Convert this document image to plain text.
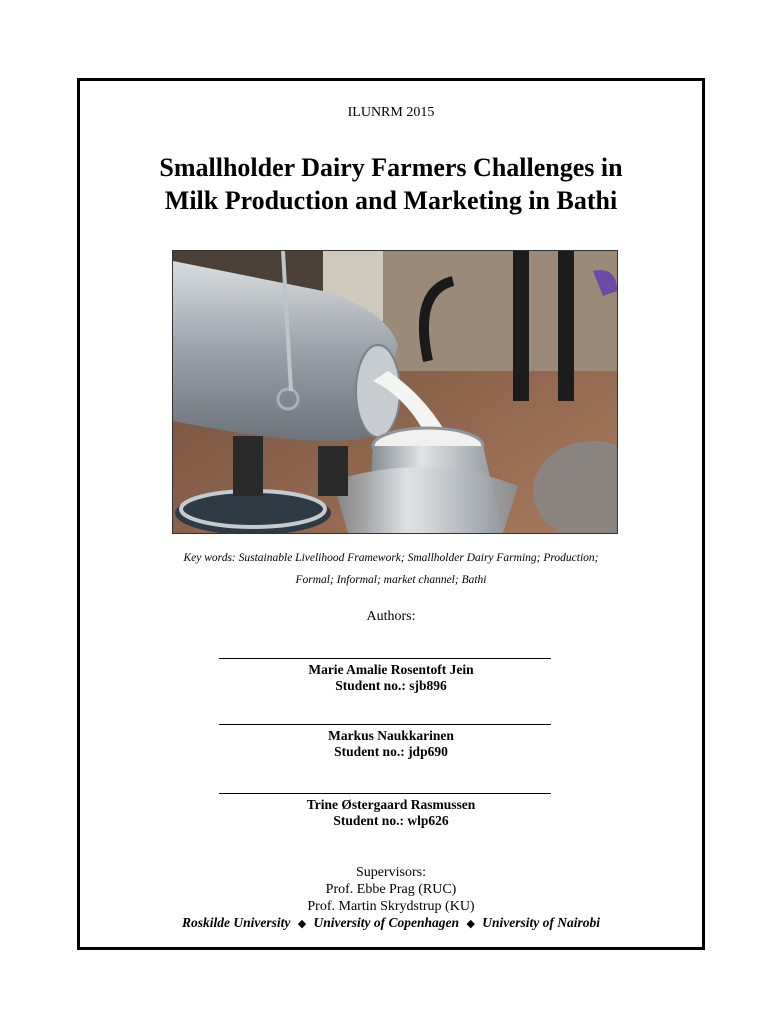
ILUNRM 2015
Smallholder Dairy Farmers Challenges in
Milk Production and Marketing in Bathi
Key words: Sustainable Livelihood Framework; Smallholder Dairy Farming; Production;
Formal; Informal; market channel; Bathi
Authors:
Marie Amalie Rosentoft Jein
Student no.: sjb896
Markus Naukkarinen
Student no.: jdp690
Trine Østergaard Rasmussen
Student no.: wlp626
Supervisors:
Prof. Ebbe Prag (RUC)
Prof. Martin Skrydstrup (KU)
Roskilde University ◆ University of Copenhagen ◆ University of Nairobi
